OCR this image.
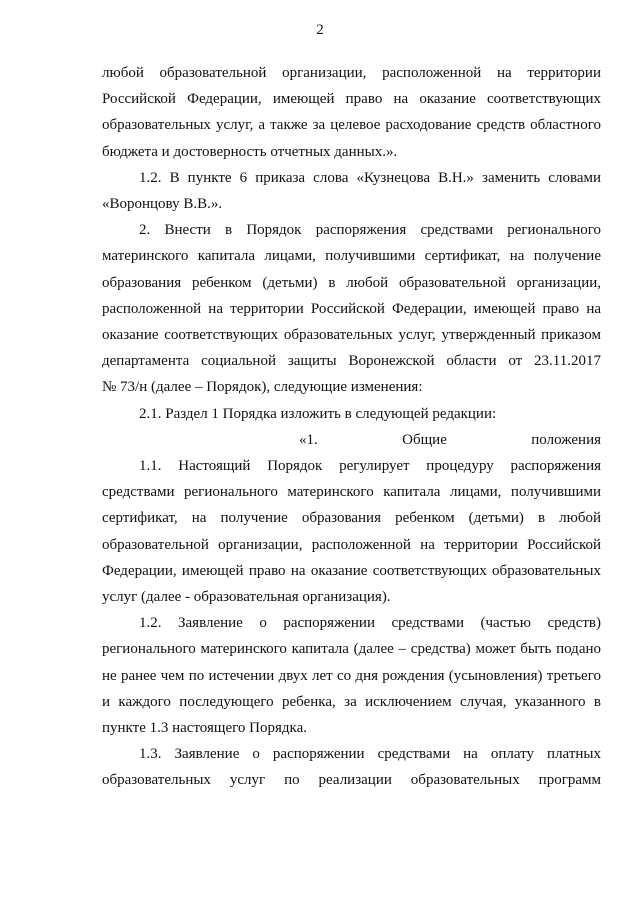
2

любой образовательной организации, расположенной на территории

Российской Федерации, имеющей право на оказание соответствующих

образовательных услуг, а также за целевое расходование средств областного

бюджета и достоверность отчетных данных.».

1.2. В пункте 6 приказа слова «Кузнецова В.Н.» заменить словами

«Воронцову В.В.».

2. Внести в Порядок распоряжения средствами регионального

материнского капитала лицами, получившими сертификат, на получение

образования ребенком (детьми) в любой образовательной организации,

расположенной на территории Российской Федерации, имеющей право на

оказание соответствующих образовательных услуг, утвержденный приказом

департамента социальной защиты Воронежской области от 23.11.2017

№ 73/н (далее – Порядок), следующие изменения:

2.1. Раздел 1 Порядка изложить в следующей редакции:

«1. Общие положения

1.1. Настоящий Порядок регулирует процедуру распоряжения

средствами регионального материнского капитала лицами, получившими

сертификат, на получение образования ребенком (детьми) в любой

образовательной организации, расположенной на территории Российской

Федерации, имеющей право на оказание соответствующих образовательных

услуг (далее - образовательная организация).

1.2. Заявление о распоряжении средствами (частью средств)

регионального материнского капитала (далее – средства) может быть подано

не ранее чем по истечении двух лет со дня рождения (усыновления) третьего

и каждого последующего ребенка, за исключением случая, указанного в

пункте 1.3 настоящего Порядка.

1.3. Заявление о распоряжении средствами на оплату платных

образовательных услуг по реализации образовательных программ
